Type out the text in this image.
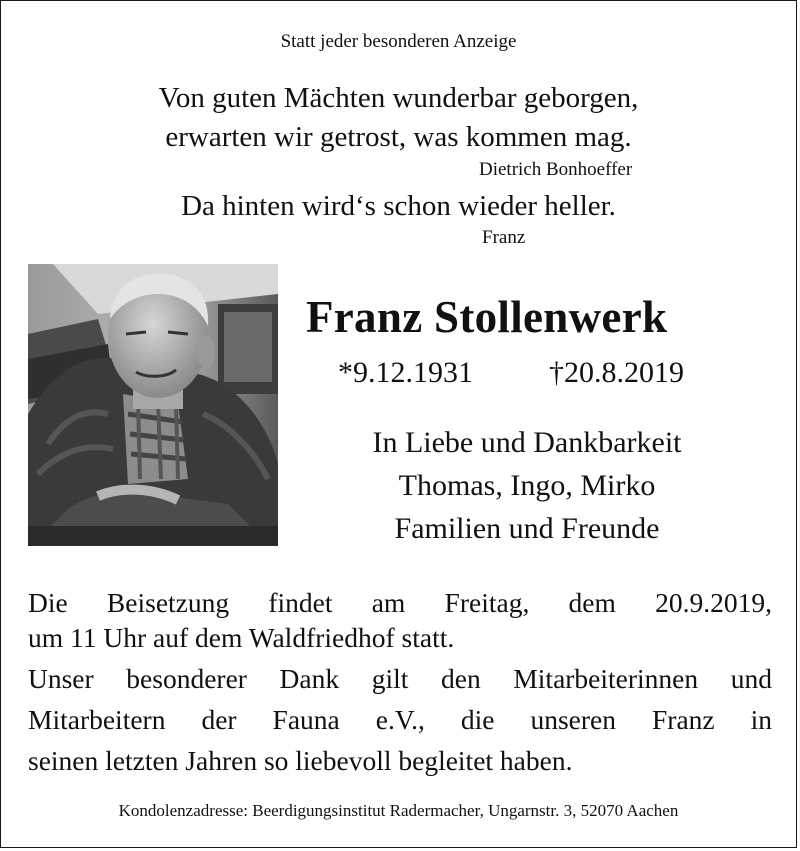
Statt jeder besonderen Anzeige
Von guten Mächten wunderbar geborgen,
erwarten wir getrost, was kommen mag.
Dietrich Bonhoeffer
Da hinten wird‘s schon wieder heller.
Franz
Franz Stollenwerk
*9.12.1931	†20.8.2019
In Liebe und Dankbarkeit
Thomas, Ingo, Mirko
Familien und Freunde
Die Beisetzung findet am Freitag, dem 20.9.2019,
um 11 Uhr auf dem Waldfriedhof statt.
Unser besonderer Dank gilt den Mitarbeiterinnen und
Mitarbeitern der Fauna e.V., die unseren Franz in
seinen letzten Jahren so liebevoll begleitet haben.
Kondolenzadresse: Beerdigungsinstitut Radermacher, Ungarnstr. 3, 52070 Aachen
